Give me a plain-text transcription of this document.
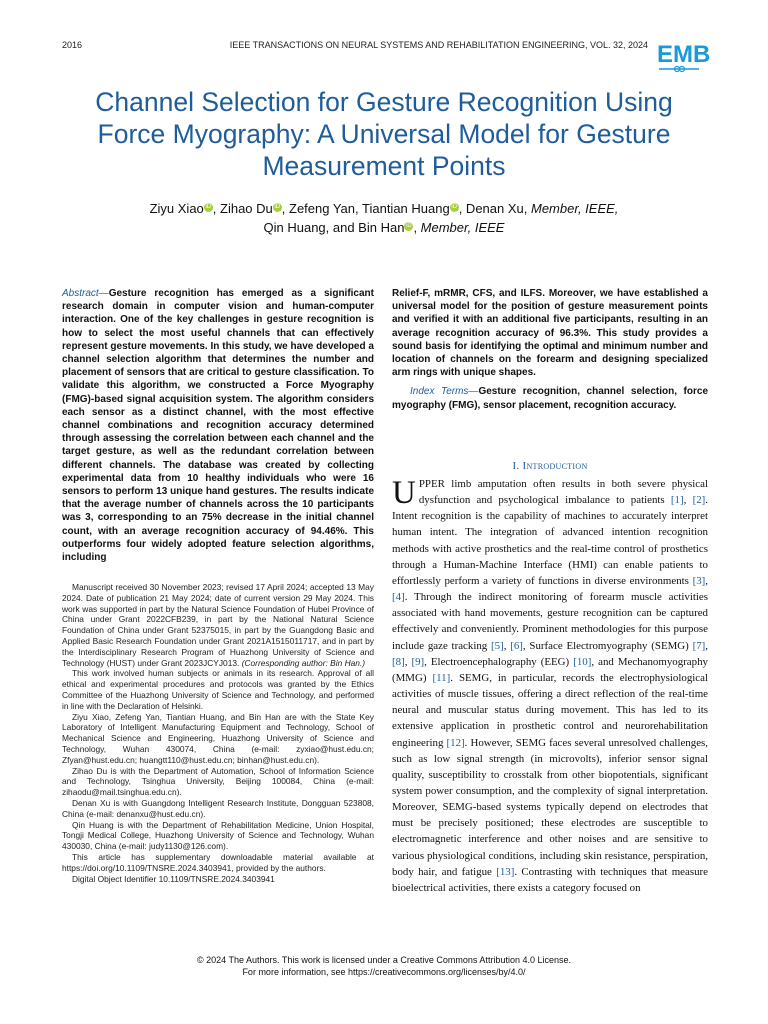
2016	IEEE TRANSACTIONS ON NEURAL SYSTEMS AND REHABILITATION ENGINEERING, VOL. 32, 2024 EMB
Channel Selection for Gesture Recognition Using Force Myography: A Universal Model for Gesture Measurement Points
Ziyu Xiao iD , Zihao Du iD , Zefeng Yan, Tiantian Huang iD , Denan Xu, Member, IEEE,
Qin Huang, and Bin Han iD , Member, IEEE
Abstract—Gesture recognition has emerged as a significant research domain in computer vision and human-computer interaction. One of the key challenges in gesture recognition is how to select the most useful channels that can effectively represent gesture movements. In this study, we have developed a channel selection algorithm that determines the number and placement of sensors that are critical to gesture classification. To validate this algorithm, we constructed a Force Myography (FMG)-based signal acquisition system. The algorithm considers each sensor as a distinct channel, with the most effective channel combinations and recognition accuracy determined through assessing the correlation between each channel and the target gesture, as well as the redundant correlation between different channels. The database was created by collecting experimental data from 10 healthy individuals who were 16 sensors to perform 13 unique hand gestures. The results indicate that the average number of channels across the 10 participants was 3, corresponding to an 75% decrease in the initial channel count, with an average recognition accuracy of 94.46%. This outperforms four widely adopted feature selection algorithms, including
Relief-F, mRMR, CFS, and ILFS. Moreover, we have established a universal model for the position of gesture measurement points and verified it with an additional five participants, resulting in an average recognition accuracy of 96.3%. This study provides a sound basis for identifying the optimal and minimum number and location of channels on the forearm and designing specialized arm rings with unique shapes.
Index Terms—Gesture recognition, channel selection, force myography (FMG), sensor placement, recognition accuracy.

Manuscript received 30 November 2023; revised 17 April 2024; accepted 13 May 2024. Date of publication 21 May 2024; date of current version 29 May 2024. This work was supported in part by the Natural Science Foundation of Hubei Province of China under Grant 2022CFB239, in part by the National Natural Science Foundation of China under Grant 52375015, in part by the Guangdong Basic and Applied Basic Research Foundation under Grant 2021A1515011717, and in part by the Interdisciplinary Research Program of Huazhong University of Science and Technology (HUST) under Grant 2023JCYJ013. (Corresponding author: Bin Han.)

This work involved human subjects or animals in its research. Approval of all ethical and experimental procedures and protocols was granted by the Ethics Committee of the Huazhong University of Science and Technology, and performed in line with the Declaration of Helsinki.

Ziyu Xiao, Zefeng Yan, Tiantian Huang, and Bin Han are with the State Key Laboratory of Intelligent Manufacturing Equipment and Technology, School of Mechanical Science and Engineering, Huazhong University of Science and Technology, Wuhan 430074, China (e-mail: zyxiao@hust.edu.cn; Zfyan@hust.edu.cn; huangtt110@hust.edu.cn; binhan@hust.edu.cn).

Zihao Du is with the Department of Automation, School of Information Science and Technology, Tsinghua University, Beijing 100084, China (e-mail: zihaodu@mail.tsinghua.edu.cn).

Denan Xu is with Guangdong Intelligent Research Institute, Dongguan 523808, China (e-mail: denanxu@hust.edu.cn).

Qin Huang is with the Department of Rehabilitation Medicine, Union Hospital, Tongji Medical College, Huazhong University of Science and Technology, Wuhan 430030, China (e-mail: judy1130@126.com).

This article has supplementary downloadable material available at https://doi.org/10.1109/TNSRE.2024.3403941, provided by the authors.

Digital Object Identifier 10.1109/TNSRE.2024.3403941

I. Introduction
UPPER limb amputation often results in both severe physical dysfunction and psychological imbalance to patients [1], [2]. Intent recognition is the capability of machines to accurately interpret human intent. The integration of advanced intention recognition methods with active prosthetics and the real-time control of prosthetics through a Human-Machine Interface (HMI) can enable patients to effortlessly perform a variety of functions in diverse environments [3], [4]. Through the indirect monitoring of forearm muscle activities associated with hand movements, gesture recognition can be captured effectively and conveniently. Prominent methodologies for this purpose include gaze tracking [5], [6], Surface Electromyography (SEMG) [7], [8], [9], Electroencephalography (EEG) [10], and Mechanomyography (MMG) [11]. SEMG, in particular, records the electrophysiological activities of muscle tissues, offering a direct reflection of the real-time neural and muscular status during movement. This has led to its extensive application in prosthetic control and neurorehabilitation engineering [12]. However, SEMG faces several unresolved challenges, such as low signal strength (in microvolts), inferior sensor signal quality, susceptibility to crosstalk from other biopotentials, significant system power consumption, and the complexity of signal interpretation. Moreover, SEMG-based systems typically depend on electrodes that must be precisely positioned; these electrodes are susceptible to electromagnetic interference and other noises and are sensitive to various physiological conditions, including skin resistance, perspiration, body hair, and fatigue [13]. Contrasting with techniques that measure bioelectrical activities, there exists a category focused on
© 2024 The Authors. This work is licensed under a Creative Commons Attribution 4.0 License.
For more information, see https://creativecommons.org/licenses/by/4.0/
